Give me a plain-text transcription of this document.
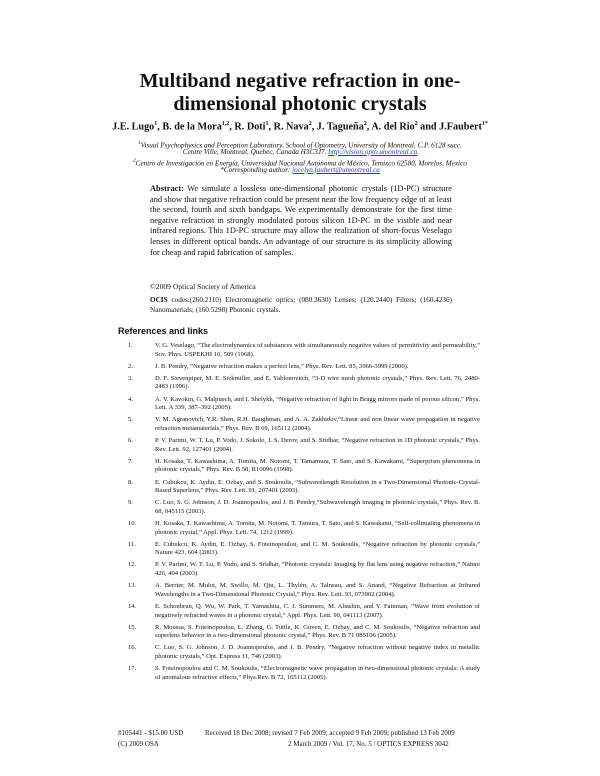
Multiband negative refraction in one-
dimensional photonic crystals
J.E. Lugo$^1$, B. de la Mora$^{1,2}$, R. Doti$^1$, R. Nava$^2$, J. Tagueña$^2$, A. del Rio$^2$ and J.Faubert$^{1*}$
$^1$Visual Psychophysics and Perception Laboratory, School of Optometry, University of Montreal, C.P. 6128 succ.
Centre Ville, Montreal, Quebec, Canada H3C3J7. http://vision.opto.umontreal.ca
$^2$Centro de Investigación en Energía, Universidad Nacional Autónoma de México, Temixco 62580, Morelos, Mexico
*Corresponding author: jocelyn.faubert@umontreal.ca
Abstract: We simulate a lossless one-dimensional photonic crystals (1D-PC) structure and show that negative refraction could be present near the low frequency edge of at least the second, fourth and sixth bandgaps. We experimentally demonstrate for the first time negative refraction in strongly modulated porous silicon 1D-PC in the visible and near infrared regions. This 1D-PC structure may allow the realization of short-focus Veselago lenses in different optical bands. An advantage of our structure is its simplicity allowing for cheap and rapid fabrication of samples.
©2009 Optical Society of America
OCIS codes:(260.2110) Electromagnetic optics; (080.3630) Lenses; (120.2440) Filters; (160.4236) Nanomaterials; (160.5298) Photonic crystals.
References and links
1.	V. G. Veselago, “The electrodynamics of substances with simultaneously negative values of permittivity and permeability,” Sov. Phys. USPEKHI 10, 509 (1968).
2.	J. B. Pendry, “Negative refraction makes a perfect lens,” Phys. Rev. Lett. 85, 3966-3999 (2000).
3.	D. F. Sievenpiper, M. E. Sickmiller, and E. Yablonovitch, “3-D wire mesh photonic crystals,” Phys. Rev. Lett. 76, 2480-2483 (1996).
4.	A. V. Kavokin, G. Malpuech, and I. Shelykh, “Negative refraction of light in Bragg mirrors made of porous silicon,” Phys. Lett. A 339, 387–392 (2005).
5.	V. M. Agranovich, Y.R. Shen, R.H. Baughman, and A. A. Zakhidov,“Linear and non linear wave propagation in negative refraction metamaterials,” Phys. Rev. B 69, 165112 (2004).
6.	P. V. Parimi, W. T. Lu, P. Vodo, J. Sokolo, J. S. Derov, and S. Sridhar, “Negative refraction in 1D photonic crystals,” Phys. Rev. Lett. 92, 127401 (2004).
7.	H. Kosaka, T. Kawashima, A. Tomita, M. Notomi, T. Tamamura, T. Sato, and S. Kawakami, “Superprism phenomena in photonic crystals,” Phys. Rev. B 58, R10096 (1998).
8.	E. Cubukcu, K. Aydin, E. Ozbay, and S. Soukoulis, “Subwavelength Resolution in a Two-Dimensional Photonic-Crystal-Based Superlens,” Phys. Rev. Lett. 91, 207401 (2003).
9.	C. Luo, S. G. Johnson, J. D. Joannopoulos, and J. B. Pendry,“Subwavelength imaging in photonic crystals,” Phys. Rev. B. 68, 045115 (2003).
10.	H. Kosaka, T. Kawashima, A. Tomita, M. Notomi, T. Tamura, T. Sato, and S. Kawakami, “Self-collimating phenomena in photonic crystal,” Appl. Phys. Lett. 74, 1212 (1999).
11.	E. Cubukcu, K. Aydin, E. Ozbay, S. Foteinopoulou, and C. M. Soukoulis, “Negative refraction by photonic crystals,” Nature 423, 604 (2003).
12.	P. V. Parimi, W. T. Lu, P. Vodo, and S. Sridhar, “Photonic crystals: Imaging by flat lens using negative refraction,” Nature 426, 404 (2003).
13.	A. Berrier, M. Mulot, M. Swillo, M. Qiu, L. Thylén, A. Talneau, and S. Anand, “Negative Refraction at Infrared Wavelengths in a Two-Dimensional Photonic Crystal,” Phys. Rev. Lett. 93, 073902 (2004).
14.	E. Schonbrun, Q. Wu, W. Park, T. Yamashita, C. J. Summers, M. Abashin, and Y. Fainman, “Wave front evolution of negatively refracted waves in a photonic crystal,” Appl. Phys. Lett. 90, 041113 (2007).
15.	R. Moussa, S. Foteinopoulou, L. Zhang, G. Tuttle, K. Guven, E. Ozbay, and C. M. Soukoulis, “Negative refraction and superlens behavior in a two-dimensional photonic crystal,” Phys. Rev. B 71 085106 (2005).
16.	C. Luo, S. G. Johnson, J. D. Joannopoulos, and J. B. Pendry, “Negative refraction without negative index in metallic photonic crystals,” Opt. Express 11, 746 (2003).
17.	S. Foteinopoulou and C. M. Soukoulis, “Electromagnetic wave propagation in two-dimensional photonic crystals: A study of anomalous refractive effects,” Phys.Rev. B 72, 165112 (2005).
#105441 - $15.00 USD	Received 18 Dec 2008; revised 7 Feb 2009; accepted 9 Feb 2009; published 13 Feb 2009
(C) 2009 OSA	2 March 2009 / Vol. 17, No. 5 / OPTICS EXPRESS 3042
